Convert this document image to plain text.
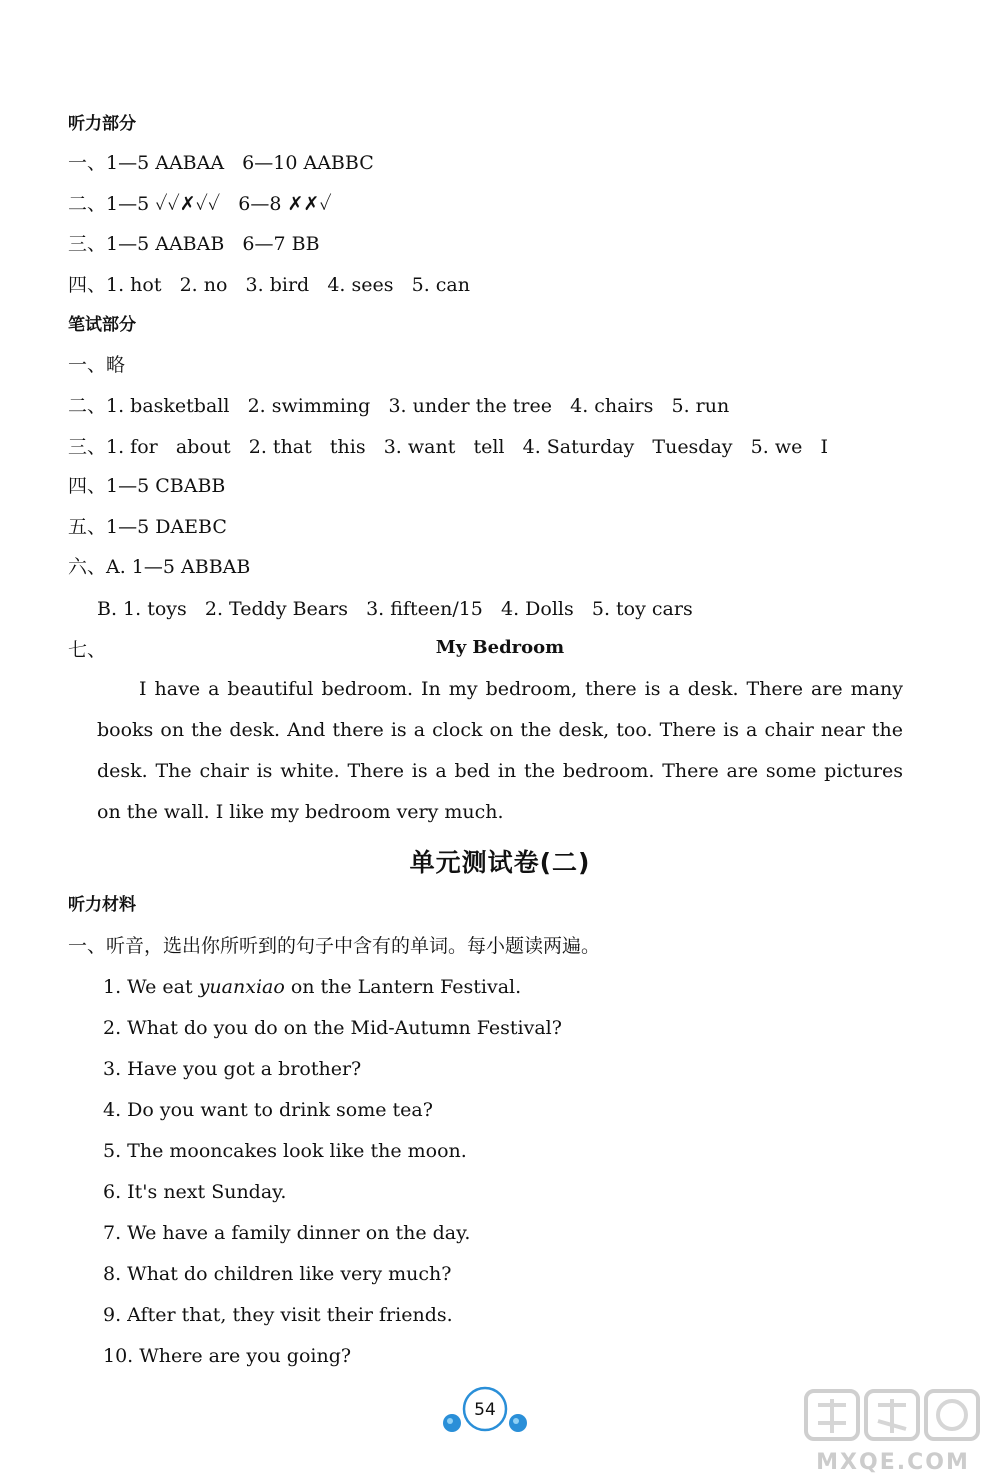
听力部分
一、1—5 AABAA   6—10 AABBC
二、1—5 ✓✓✗✓✓   6—8 ✗✗✓
三、1—5 AABAB   6—7 BB
四、1. hot   2. no   3. bird   4. sees   5. can
笔试部分
一、略
二、1. basketball   2. swimming   3. under the tree   4. chairs   5. run
三、1. for   about   2. that   this   3. want   tell   4. Saturday   Tuesday   5. we   I
四、1—5 CBABB
五、1—5 DAEBC
六、A. 1—5 ABBAB
B. 1. toys   2. Teddy Bears   3. fifteen/15   4. Dolls   5. toy cars
七、	My Bedroom
I have a beautiful bedroom. In my bedroom, there is a desk. There are many books on the desk. And there is a clock on the desk, too. There is a chair near the desk. The chair is white. There is a bed in the bedroom. There are some pictures on the wall. I like my bedroom very much.
单元测试卷(二)
听力材料
一、听音，选出你所听到的句子中含有的单词。每小题读两遍。
1. We eat yuanxiao on the Lantern Festival.
2. What do you do on the Mid-Autumn Festival?
3. Have you got a brother?
4. Do you want to drink some tea?
5. The mooncakes look like the moon.
6. It's next Sunday.
7. We have a family dinner on the day.
8. What do children like very much?
9. After that, they visit their friends.
10. Where are you going?
54
MXQE.COM
